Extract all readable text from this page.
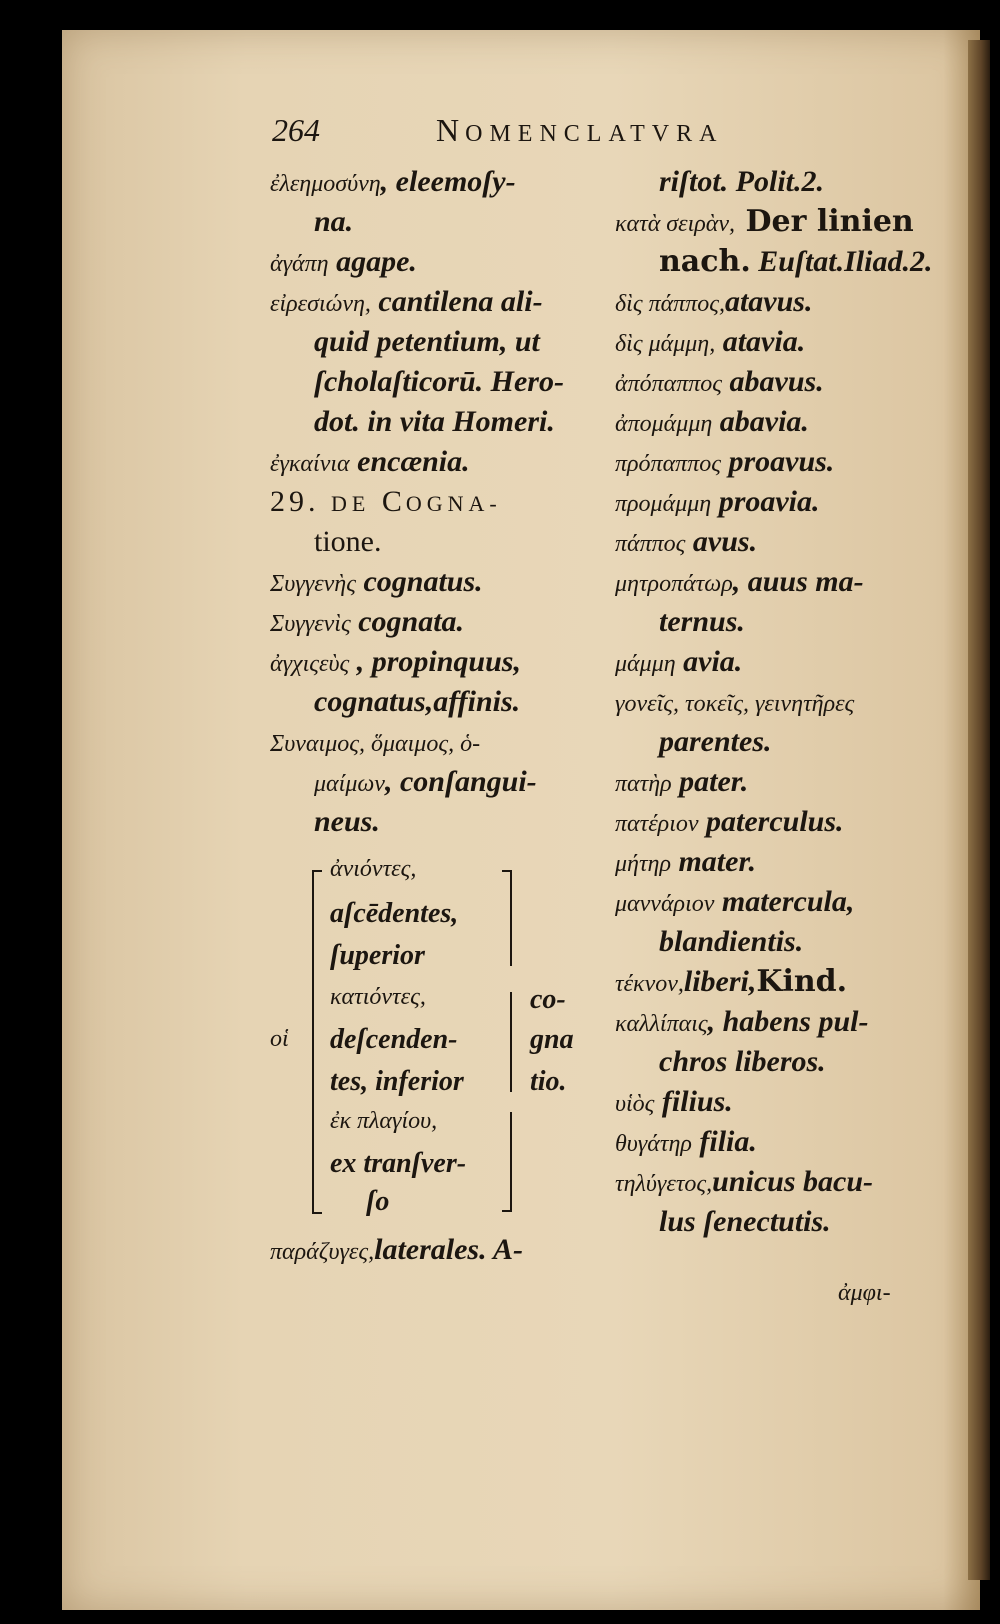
264	NOMENCLATVRA
ἐλεημοσύνη, eleemoſy-
na.
ἀγάπη agape.
εἰρεσιώνη, cantilena ali-
quid petentium, ut
ſcholaſticorū. Hero-
dot. in vita Homeri.
ἐγκαίνια encænia.
29. DE COGNA-
tione.
Συγγενὴς cognatus.
Συγγενὶς cognata.
ἀγχιςεὺς , propinquus,
cognatus,affinis.
Συναιμος, ὅμαιμος, ὁ-
μαίμων, conſangui-
neus.
οἱ
ἀνιόντες,
aſcēdentes,
ſuperior
κατιόντες,
deſcenden-
tes, inferior
ἐκ πλαγίου,
ex tranſver-
ſo
co-
gna
tio.
παράζυγες,laterales. A-
riſtot. Polit.2.
κατὰ σειρὰν, Der linien
nach. Euſtat.Iliad.2.
δὶς πάππος,atavus.
δὶς μάμμη, atavia.
ἀπόπαππος abavus.
ἀπομάμμη abavia.
πρόπαππος proavus.
προμάμμη proavia.
πάππος avus.
μητροπάτωρ, auus ma-
ternus.
μάμμη avia.
γονεῖς, τοκεῖς, γεινητῆρες
parentes.
πατὴρ pater.
πατέριον paterculus.
μήτηρ mater.
μαννάριον matercula,
blandientis.
τέκνον,liberi,Kind.
καλλίπαις, habens pul-
chros liberos.
υἱὸς filius.
θυγάτηρ filia.
τηλύγετος,unicus bacu-
lus ſenectutis.
ἀμφι-
